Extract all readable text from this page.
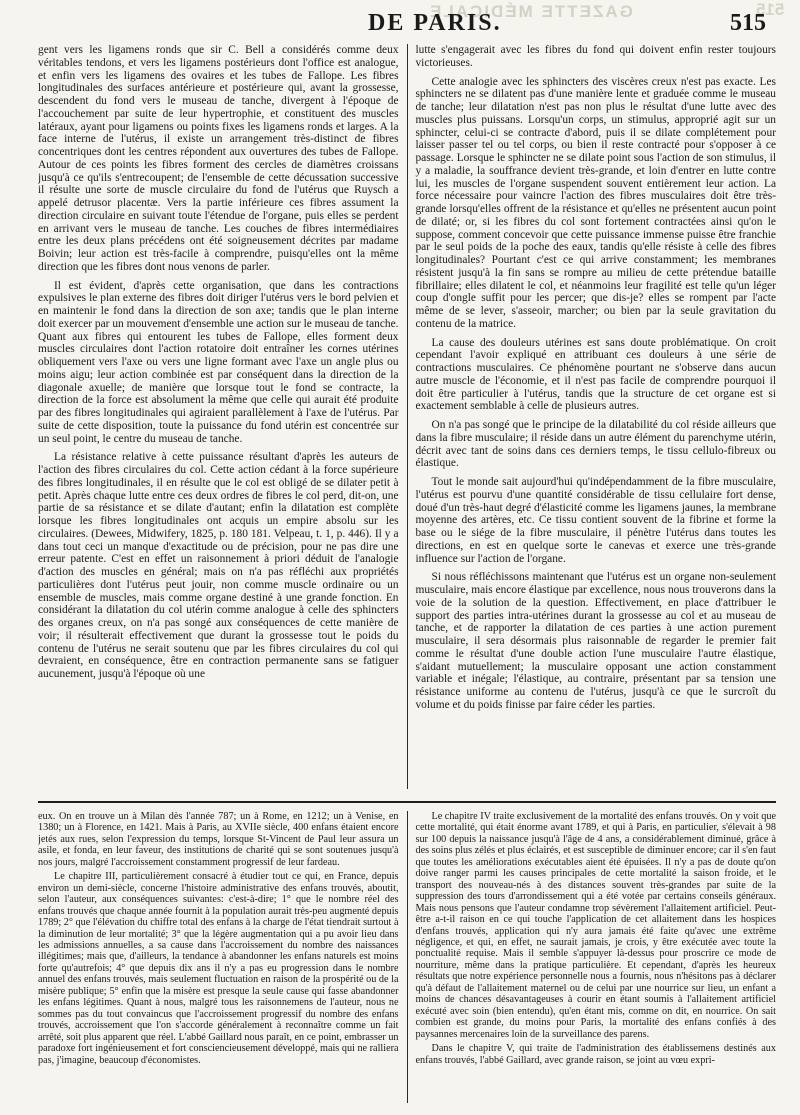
GAZETTE MÉDICALE
DE PARIS.
515
515

gent vers les ligamens ronds que sir C. Bell a considérés comme deux véritables tendons, et vers les ligamens postérieurs dont l'office est analogue, et enfin vers les ligamens des ovaires et les tubes de Fallope. Les fibres longitudinales des surfaces antérieure et postérieure qui, avant la grossesse, descendent du fond vers le museau de tanche, divergent à l'époque de l'accouchement par suite de leur hypertrophie, et constituent des muscles latéraux, ayant pour ligamens ou points fixes les ligamens ronds et larges. A la face interne de l'utérus, il existe un arrangement très-distinct de fibres concentriques dont les centres répondent aux ouvertures des tubes de Fallope. Autour de ces points les fibres forment des cercles de diamètres croissans jusqu'à ce qu'ils s'entrecoupent; de l'ensemble de cette décussation successive il résulte une sorte de muscle circulaire du fond de l'utérus que Ruysch a appelé detrusor placentæ. Vers la partie inférieure ces fibres assument la direction circulaire en suivant toute l'étendue de l'organe, puis elles se perdent en arrivant vers le museau de tanche. Les couches de fibres intermédiaires entre les deux plans précédens ont été soigneusement décrites par madame Boivin; leur action est très-facile à comprendre, puisqu'elles ont la même direction que les fibres dont nous venons de parler.

Il est évident, d'après cette organisation, que dans les contractions expulsives le plan externe des fibres doit diriger l'utérus vers le bord pelvien et en maintenir le fond dans la direction de son axe; tandis que le plan interne doit exercer par un mouvement d'ensemble une action sur le museau de tanche. Quant aux fibres qui entourent les tubes de Fallope, elles forment deux muscles circulaires dont l'action rotatoire doit entraîner les cornes utérines obliquement vers l'axe ou vers une ligne formant avec l'axe un angle plus ou moins aigu; leur action combinée est par conséquent dans la direction de la diagonale axuelle; de manière que lorsque tout le fond se contracte, la direction de la force est absolument la même que celle qui aurait été produite par des fibres longitudinales qui agiraient parallèlement à l'axe de l'utérus. Par suite de cette disposition, toute la puissance du fond utérin est concentrée sur un seul point, le centre du museau de tanche.

La résistance relative à cette puissance résultant d'après les auteurs de l'action des fibres circulaires du col. Cette action cédant à la force supérieure des fibres longitudinales, il en résulte que le col est obligé de se dilater petit à petit. Après chaque lutte entre ces deux ordres de fibres le col perd, dit-on, une partie de sa résistance et se dilate d'autant; enfin la dilatation est complète lorsque les fibres longitudinales ont acquis un empire absolu sur les circulaires. (Dewees, Midwifery, 1825, p. 180 181. Velpeau, t. 1, p. 446). Il y a dans tout ceci un manque d'exactitude ou de précision, pour ne pas dire une erreur patente. C'est en effet un raisonnement à priori déduit de l'analogie d'action des muscles en général; mais on n'a pas réfléchi aux propriétés particulières dont l'utérus peut jouir, non comme muscle ordinaire ou un ensemble de muscles, mais comme organe destiné à une grande fonction. En considérant la dilatation du col utérin comme analogue à celle des sphincters des organes creux, on n'a pas songé aux conséquences de cette manière de voir; il résulterait effectivement que durant la grossesse tout le poids du contenu de l'utérus ne serait soutenu que par les fibres circulaires du col qui devraient, en conséquence, être en contraction permanente sans se fatiguer aucunement, jusqu'à l'époque où une

lutte s'engagerait avec les fibres du fond qui doivent enfin rester toujours victorieuses.

Cette analogie avec les sphincters des viscères creux n'est pas exacte. Les sphincters ne se dilatent pas d'une manière lente et graduée comme le museau de tanche; leur dilatation n'est pas non plus le résultat d'une lutte avec des muscles plus puissans. Lorsqu'un corps, un stimulus, approprié agit sur un sphincter, celui-ci se contracte d'abord, puis il se dilate complétement pour laisser passer tel ou tel corps, ou bien il reste contracté pour s'opposer à ce passage. Lorsque le sphincter ne se dilate point sous l'action de son stimulus, il y a maladie, la souffrance devient très-grande, et loin d'entrer en lutte contre lui, les muscles de l'organe suspendent souvent entièrement leur action. La force nécessaire pour vaincre l'action des fibres musculaires doit être très-grande lorsqu'elles offrent de la résistance et qu'elles ne présentent aucun point de dilaté; or, si les fibres du col sont fortement contractées ainsi qu'on le suppose, comment concevoir que cette puissance immense puisse être franchie par le seul poids de la poche des eaux, tandis qu'elle résiste à celle des fibres longitudinales? Pourtant c'est ce qui arrive constamment; les membranes résistent jusqu'à la fin sans se rompre au milieu de cette prétendue bataille fibrillaire; elles dilatent le col, et néanmoins leur fragilité est telle qu'un léger coup d'ongle suffit pour les percer; que dis-je? elles se rompent par l'acte même de se lever, s'asseoir, marcher; ou bien par la seule gravitation du contenu de la matrice.

La cause des douleurs utérines est sans doute problématique. On croit cependant l'avoir expliqué en attribuant ces douleurs à une série de contractions musculaires. Ce phénomène pourtant ne s'observe dans aucun autre muscle de l'économie, et il n'est pas facile de comprendre pourquoi il doit être particulier à l'utérus, tandis que la structure de cet organe est si exactement semblable à celle de plusieurs autres.

On n'a pas songé que le principe de la dilatabilité du col réside ailleurs que dans la fibre musculaire; il réside dans un autre élément du parenchyme utérin, décrit avec tant de soins dans ces derniers temps, le tissu cellulo-fibreux ou élastique.

Tout le monde sait aujourd'hui qu'indépendamment de la fibre musculaire, l'utérus est pourvu d'une quantité considérable de tissu cellulaire fort dense, doué d'un très-haut degré d'élasticité comme les ligamens jaunes, la membrane moyenne des artères, etc. Ce tissu contient souvent de la fibrine et forme la base ou le siége de la fibre musculaire, il pénètre l'utérus dans toutes les directions, en est en quelque sorte le canevas et exerce une très-grande influence sur l'action de l'organe.

Si nous réfléchissons maintenant que l'utérus est un organe non-seulement musculaire, mais encore élastique par excellence, nous nous trouverons dans la voie de la solution de la question. Effectivement, en place d'attribuer le support des parties intra-utérines durant la grossesse au col et au museau de tanche, et de rapporter la dilatation de ces parties à une action purement musculaire, il sera désormais plus raisonnable de regarder le premier fait comme le résultat d'une double action l'une musculaire l'autre élastique, s'aidant mutuellement; la musculaire opposant une action constamment variable et inégale; l'élastique, au contraire, présentant par sa tension une résistance uniforme au contenu de l'utérus, jusqu'à ce que le surcroît du volume et du poids finisse par faire céder les parties.

eux. On en trouve un à Milan dès l'année 787; un à Rome, en 1212; un à Venise, en 1380; un à Florence, en 1421. Mais à Paris, au XVIIe siècle, 400 enfans étaient encore jetés aux rues, selon l'expression du temps, lorsque St-Vincent de Paul leur assura un asile, et fonda, en leur faveur, des institutions de charité qui se sont soutenues jusqu'à nos jours, malgré l'accroissement constamment progressif de leur fardeau.

Le chapitre III, particulièrement consacré à étudier tout ce qui, en France, depuis environ un demi-siècle, concerne l'histoire administrative des enfans trouvés, aboutit, selon l'auteur, aux conséquences suivantes: c'est-à-dire; 1° que le nombre réel des enfans trouvés que chaque année fournit à la population aurait très-peu augmenté depuis 1789; 2° que l'élévation du chiffre total des enfans à la charge de l'état tiendrait surtout à la diminution de leur mortalité; 3° que la légère augmentation qui a pu avoir lieu dans les admissions annuelles, a sa cause dans l'accroissement du nombre des naissances illégitimes; mais que, d'ailleurs, la tendance à abandonner les enfans naturels est moins forte qu'autrefois; 4° que depuis dix ans il n'y a pas eu progression dans le nombre annuel des enfans trouvés, mais seulement fluctuation en raison de la prospérité ou de la misère publique; 5° enfin que la misère est presque la seule cause qui fasse abandonner les enfans légitimes. Quant à nous, malgré tous les raisonnemens de l'auteur, nous ne sommes pas du tout convaincus que l'accroissement progressif du nombre des enfans trouvés, accroissement que l'on s'accorde généralement à reconnaître comme un fait arrêté, soit plus apparent que réel. L'abbé Gaillard nous paraît, en ce point, embrasser un paradoxe fort ingénieusement et fort consciencieusement développé, mais qui ne ralliera pas, j'imagine, beaucoup d'économistes.

Le chapitre IV traite exclusivement de la mortalité des enfans trouvés. On y voit que cette mortalité, qui était énorme avant 1789, et qui à Paris, en particulier, s'élevait à 98 sur 100 depuis la naissance jusqu'à l'âge de 4 ans, a considérablement diminué, grâce à des soins plus zélés et plus éclairés, et est susceptible de diminuer encore; car il s'en faut que toutes les améliorations exécutables aient été épuisées. Il n'y a pas de doute qu'on doive ranger parmi les causes principales de cette mortalité la saison froide, et le transport des nouveau-nés à des distances souvent très-grandes par suite de la suppression des tours d'arrondissement qui a été votée par certains conseils généraux. Mais nous pensons que l'auteur condamne trop sévèrement l'allaitement artificiel. Peut-être a-t-il raison en ce qui touche l'application de cet allaitement dans les hospices d'enfans trouvés, application qui n'y aura jamais été faite qu'avec une extrême négligence, et qui, en effet, ne saurait jamais, je crois, y être exécutée avec toute la ponctualité requise. Mais il semble s'appuyer là-dessus pour proscrire ce mode de nourriture, même dans la pratique particulière. Et cependant, d'après les heureux résultats que notre expérience personnelle nous a fournis, nous n'hésitons pas à déclarer qu'à défaut de l'allaitement maternel ou de celui par une nourrice sur lieu, un enfant a moins de chances désavantageuses à courir en étant soumis à l'allaitement artificiel exécuté avec soin (bien entendu), qu'en étant mis, comme on dit, en nourrice. On sait combien est grande, du moins pour Paris, la mortalité des enfans confiés à des paysannes mercenaires loin de la surveillance des parens.

Dans le chapitre V, qui traite de l'administration des établissemens destinés aux enfans trouvés, l'abbé Gaillard, avec grande raison, se joint au vœu expri-
